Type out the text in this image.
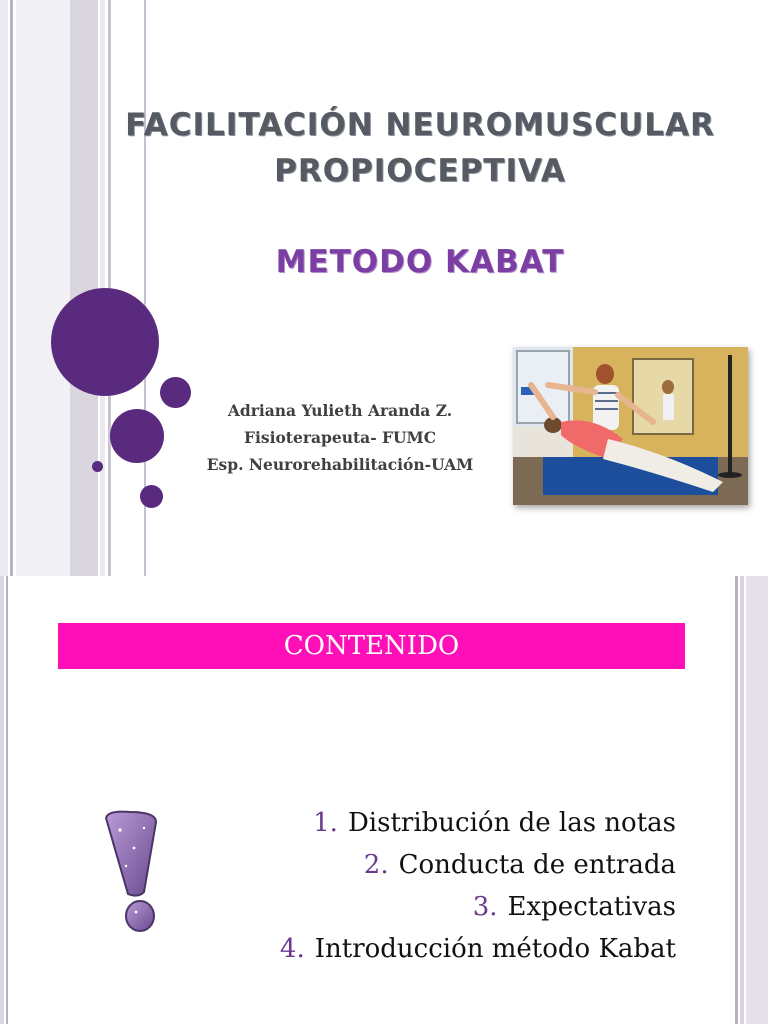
FACILITACIÓN NEUROMUSCULAR
PROPIOCEPTIVA
METODO KABAT
Adriana Yulieth Aranda Z.
Fisioterapeuta- FUMC
Esp. Neurorehabilitación-UAM
CONTENIDO
1. Distribución de las notas
2. Conducta de entrada
3. Expectativas
4. Introducción método Kabat
